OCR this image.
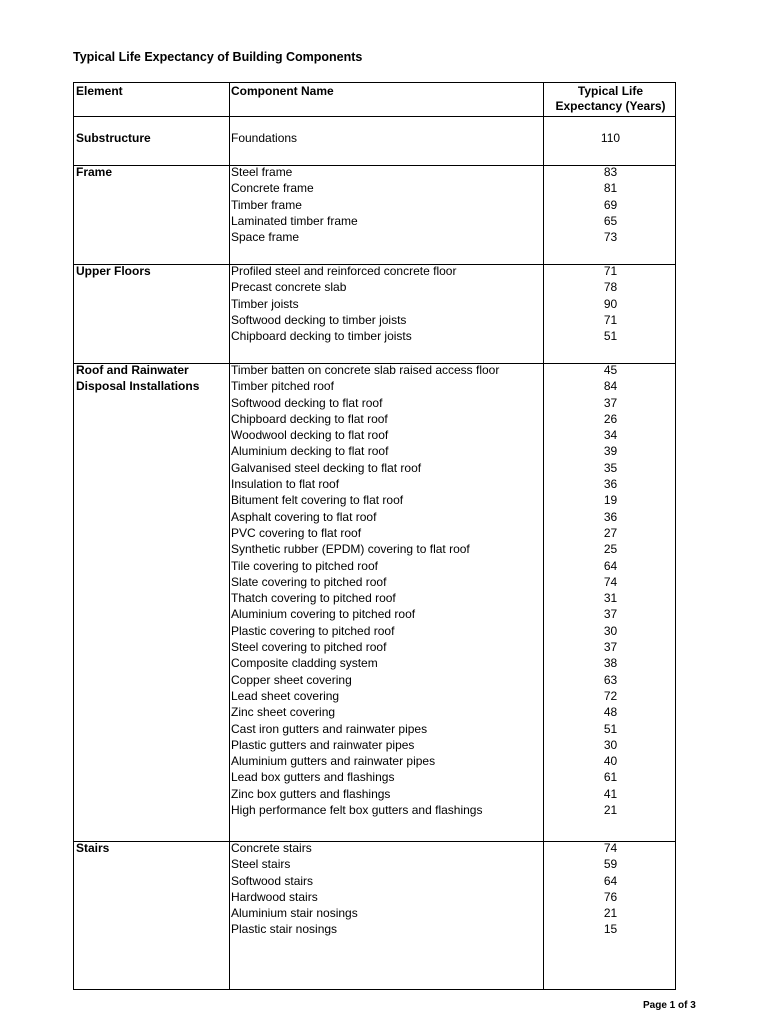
Typical Life Expectancy of Building Components
Element	Component Name	Typical Life
Expectancy (Years)
Substructure	Foundations	110
Frame	Steel frame	83
Concrete frame	81
Timber frame	69
Laminated timber frame	65
Space frame	73
Upper Floors	Profiled steel and reinforced concrete floor	71
Precast concrete slab	78
Timber joists	90
Softwood decking to timber joists	71
Chipboard decking to timber joists	51
Roof and Rainwater
Disposal Installations
Timber batten on concrete slab raised access floor	45
Timber pitched roof	84
Softwood decking to flat roof	37
Chipboard decking to flat roof	26
Woodwool decking to flat roof	34
Aluminium decking to flat roof	39
Galvanised steel decking to flat roof	35
Insulation to flat roof	36
Bitument felt covering to flat roof	19
Asphalt covering to flat roof	36
PVC covering to flat roof	27
Synthetic rubber (EPDM) covering to flat roof	25
Tile covering to pitched roof	64
Slate covering to pitched roof	74
Thatch covering to pitched roof	31
Aluminium covering to pitched roof	37
Plastic covering to pitched roof	30
Steel covering to pitched roof	37
Composite cladding system	38
Copper sheet covering	63
Lead sheet covering	72
Zinc sheet covering	48
Cast iron gutters and rainwater pipes	51
Plastic gutters and rainwater pipes	30
Aluminium gutters and rainwater pipes	40
Lead box gutters and flashings	61
Zinc box gutters and flashings	41
High performance felt box gutters and flashings	21
Stairs	Concrete stairs	74
Steel stairs	59
Softwood stairs	64
Hardwood stairs	76
Aluminium stair nosings	21
Plastic stair nosings	15
Page 1 of 3
